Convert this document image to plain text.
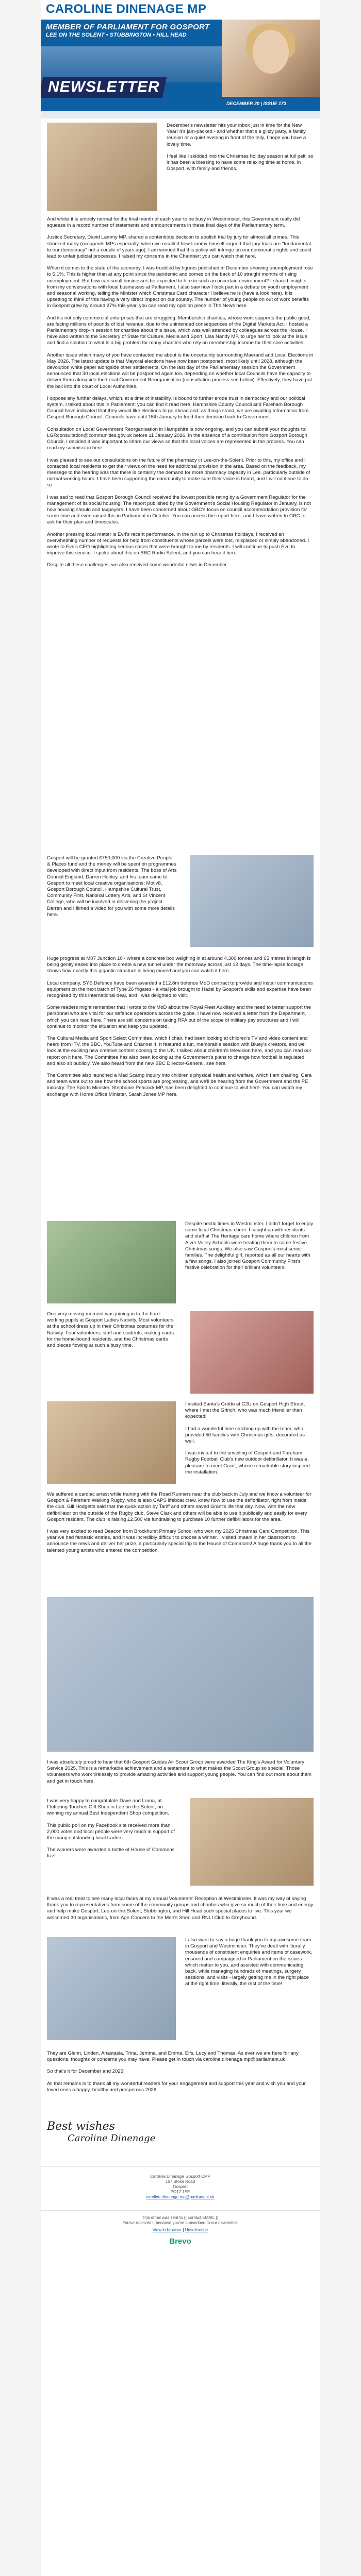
CAROLINE DINENAGE MP
MEMBER OF PARLIAMENT FOR GOSPORT
LEE ON THE SOLENT • STUBBINGTON • HILL HEAD
NEWSLETTER
DECEMBER 20 | ISSUE 173

December's newsletter hits your inbox just in time for the New Year! It's jam-packed - and whether that's a glitzy party, a family reunion or a quiet evening in front of the telly, I hope you have a lovely time.

I feel like I skidded into the Christmas holiday season at full pelt, so it has been a blessing to have some relaxing time at home, in Gosport, with family and friends.

And whilst it is entirely normal for the final month of each year to be busy in Westminster, this Government really did squeeze in a record number of statements and announcements in these final days of the Parliamentary term.

Justice Secretary, David Lammy MP, shared a contentious decision to abolish trial by jury for almost all crimes. This shocked many (occupants MPs especially, when we recalled how Lammy himself argued that jury trials are "fundamental to our democracy" not a couple of years ago). I am worried that this policy will infringe on our democratic rights and could lead to unfair judicial processes. I raised my concerns in the Chamber: you can watch that here.

When it comes to the state of the economy, I was troubled by figures published in December showing unemployment rose to 5.1%. This is higher than at any point since the pandemic and comes on the back of 10 straight months of rising unemployment. But how can small businesses be expected to hire in such an uncertain environment? I shared insights from my conversations with local businesses at Parliament. I also saw how I took part in a debate on youth employment and seasonal working, telling the Minister which Christmas Card character I believe he is (have a look here). It is upsetting to think of this having a very direct impact on our country. The number of young people on out of work benefits in Gosport grew by around 27% this year, you can read my opinion piece in The News here.

And it's not only commercial enterprises that are struggling. Membership charities, whose work supports the public good, are facing millions of pounds of lost revenue, due to the unintended consequences of the Digital Markets Act. I hosted a Parliamentary drop-in session for charities about this issue, which was well attended by colleagues across the House. I have also written to the Secretary of State for Culture, Media and Sport, Lisa Nandy MP, to urge her to look at the issue and find a solution to what is a big problem for many charities who rely on membership income for their core activities.

Another issue which many of you have contacted me about is the uncertainty surrounding Maerand and Local Elections in May 2026. The latest update is that Mayoral elections have now been postponed, most likely until 2028, although the devolution white paper alongside other settlements. On the last day of the Parliamentary session the Government announced that 30 local elections will be postponed again too, depending on whether local Councils have the capacity to deliver them alongside the Local Government Reorganisation (consultation process see below). Effectively, they have put the ball into the court of Local Authorities.

I oppose any further delays, which, at a time of instability, is bound to further erode trust in democracy and our political system. I talked about this in Parliament: you can find it read here. Hampshire County Council and Fareham Borough Council have indicated that they would like elections to go ahead and, as things stand, we are awaiting information from Gosport Borough Council. Councils have until 15th January to feed their decision back to Government.

Consultation on Local Government Reorganisation in Hampshire is now ongoing, and you can submit your thoughts to: LGRconsultation@communities.gov.uk before 11 January 2026. In the absence of a contribution from Gosport Borough Council, I decided it was important to share our views so that the local voices are represented in the process. You can read my submission here.

I was pleased to see our consultations on the future of the pharmacy in Lee-on-the-Solent. Prior to this, my office and I contacted local residents to get their views on the need for additional provision in the area. Based on the feedback, my message to the hearing was that there is certainly the demand for more pharmacy capacity in Lee, particularly outside of normal working hours. I have been supporting the community to make sure their voice is heard, and I will continue to do so.

I was sad to read that Gosport Borough Council received the lowest possible rating by a Government Regulator for the management of its social housing. The report published by the Government's Social Housing Regulator in January, is not how housing should and taxpayers. I have been concerned about GBC's focus on council accommodation provision for some time and even raised this in Parliament in October. You can access the report here, and I have written to GBC to ask for their plan and timescales.

Another pressing local matter is Evri's recent performance. In the run up to Christmas holidays, I received an overwhelming number of requests for help from constituents whose parcels were lost, misplaced or simply abandoned. I wrote to Evri's CEO highlighting serious cases that were brought to me by residents. I will continue to push Evri to improve this service. I spoke about this on BBC Radio Solent, and you can hear it here.

Despite all these challenges, we also received some wonderful news in December.

Gosport will be granted £750,000 via the Creative People & Places fund and the money will be spent on programmes developed with direct input from residents. The boss of Arts Council England, Darren Henley, and his team came to Gosport to meet local creative organisations; Motiv8, Gosport Borough Council, Hampshire Cultural Trust, Community First, National Lottery Arts, and St Vincent College, who will be involved in delivering the project. Darren and I filmed a video for you with some more details here.

Huge progress at M07 Junction 10 - where a concrete box weighing in at around 4,300 tonnes and 65 metres in length is being gently eased into place to create a new tunnel under the motorway across just 12 days. The time-lapse footage shows how exactly this gigantic structure is being moved and you can watch it here.

Local company, SYS Defence have been awarded a £12.8m defence MoD contract to provide and install communications equipment on the next batch of Type 26 frigates - a vital job brought to Hazel by Gosport's skills and expertise have been recognised by this international deal, and I was delighted to visit.

Some readers might remember that I wrote to the MoD about the Royal Fleet Auxiliary and the need to better support the personnel who are vital for our defence operations across the globe. I have now received a letter from the Department, which you can read here. There are still concerns on taking RFA out of the scope of military pay structures and I will continue to monitor the situation and keep you updated.

The Cultural Media and Sport Select Committee, which I chair, had been looking at children's TV and video content and heard from ITV, the BBC, YouTube and Channel 4. It featured a fun, memorable session with Bluey's creators, and we look at the exciting new creative content coming to the UK. I talked about children's television here, and you can read our report on it here. The Committee has also been looking at the Government's plans to change how football is regulated and also sit publicly. We also heard from the new BBC Director-General, see here.

The Committee also launched a Mad Scamp inquiry into children's physical health and welfare, which I am chairing. Cara and team went out to see how the school sports are progressing, and we'll be hearing from the Government and the PE industry. The Sports Minister, Stephanie Peacock MP, has been delighted to continue to visit here. You can watch my exchange with Home Office Minister, Sarah Jones MP here.

Despite hectic times in Westminster, I didn't forget to enjoy some local Christmas cheer. I caught up with residents and staff at The Heritage care home where children from Alver Valley Schools were treating them to some festive Christmas songs. We also saw Gosport's most senior families. The delightful girl, reported as all our hearts with a few songs. I also joined Gosport Community First's festive celebration for their brilliant volunteers.

One very moving moment was joining in to the hard-working pupils at Gosport Ladies Nativity. Most volunteers at the school dress up in their Christmas costumes for the Nativity. Four volunteers, staff and students, making cards for the home-bound residents, and the Christmas cards and pieces flowing at such a busy time.

I visited Santa's Grotto at C2U on Gosport High Street, where I met the Grinch, who was much friendlier than expected!

I had a wonderful time catching up with the team, who provided 50 families with Christmas gifts, decorated as well.

I was invited to the unveiling of Gosport and Fareham Rugby Football Club's new outdoor defibrillator. It was a pleasure to meet Grant, whose remarkable story inspired the installation.

We suffered a cardiac arrest while training with the Road Runners near the club back in July and we know a volunteer for Gosport & Fareham Walking Rugby, who is also CAPS lifeboat crew, knew how to use the defibrillator, right from inside the club. Gill Hodgetts said that the quick action by Tariff and others saved Grant's life that day. Now, with the new defibrillator on the outside of the Rugby club, Steve Clark and others will be able to use it publically and easily for every Gosport resident. The club is raising £2,500 via fundraising to purchase 10 further defibrillators for the area.

I was very excited to read Deacon from Brockhurst Primary School who won my 2025 Christmas Card Competition. This year we had fantastic entries, and it was incredibly difficult to choose a winner. I visited Imaani in her classroom to announce the news and deliver her prize, a particularly special trip to the House of Commons! A huge thank you to all the talented young artists who entered the competition.

I was absolutely proud to hear that 6th Gosport Guides Air Scout Group were awarded The King's Award for Voluntary Service 2025. This is a remarkable achievement and a testament to what makes the Scout Group so special. Those volunteers who work tirelessly to provide amazing activities and support young people. You can find out more about them and get in touch here.

I was very happy to congratulate Dave and Lorna, at Fluttering Touches Gift Shop in Lee on the Solent, on winning my annual Best Independent Shop competition.

This public poll on my Facebook site received more than 2,000 votes and local people were very much in support of the many outstanding local traders.

The winners were awarded a bottle of House of Commons fizz!

It was a real treat to see many local faces at my annual Volunteers' Reception at Westminster. It was my way of saying thank you to representatives from some of the community groups and charities who give so much of their time and energy and help make Gosport, Lee-on-the-Solent, Stubbington, and Hill Head such special places to live. This year we welcomed 30 organisations, from Age Concern to the Men's Shed and RNLI Club to Greyhound.

I also want to say a huge thank you to my awesome team in Gosport and Westminster. They've dealt with literally thousands of constituent enquiries and items of casework, ensured and campaigned in Parliament on the issues which matter to you, and assisted with communicating back, while managing hundreds of meetings, surgery sessions, and visits - largely getting me in the right place at the right time, literally, the rest of the time!

They are Glenn, Linden, Anastasia, Trina, Jemma, and Emma. Elfs, Lucy and Thomas. As ever we are here for any questions, thoughts or concerns you may have. Please get in touch via caroline.dinenage.mp@parliament.uk.

So that's it for December and 2025!

All that remains is to thank all my wonderful readers for your engagement and support this year and wish you and your loved ones a happy, healthy and prosperous 2026.

Best wishes
Caroline Dinenage

Caroline Dinenage Gosport CMP

167 Stoke Road

Gosport

PO12 1SE

caroline.dinenage.mp@parliament.uk

This email was sent to {{ contact.EMAIL }}

You've received it because you've subscribed to our newsletter.

View in browser | Unsubscribe

Brevo
